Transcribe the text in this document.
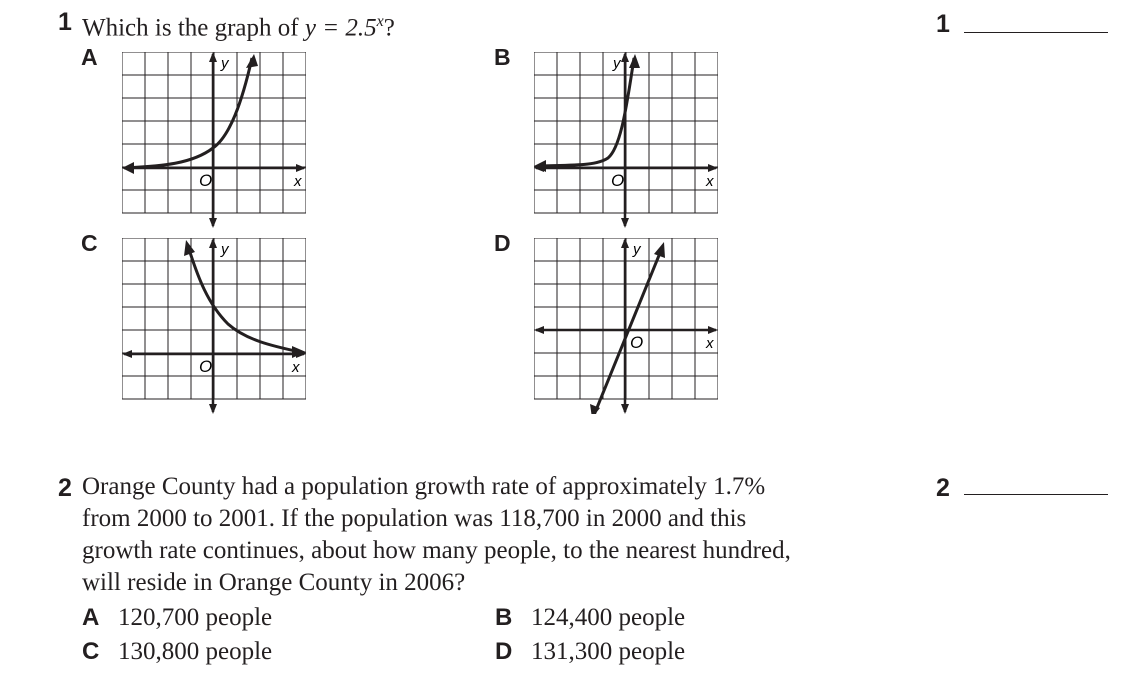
1 Which is the graph of $y = 2.5^x$?	1
A	B
C	D
y
x
O
y
x
O
y
x
O
y
x
O
2 Orange County had a population growth rate of approximately 1.7%
from 2000 to 2001. If the population was 118,700 in 2000 and this
growth rate continues, about how many people, to the nearest hundred,
will reside in Orange County in 2006?
2
A 120,700 people	B 124,400 people
C 130,800 people	D 131,300 people
